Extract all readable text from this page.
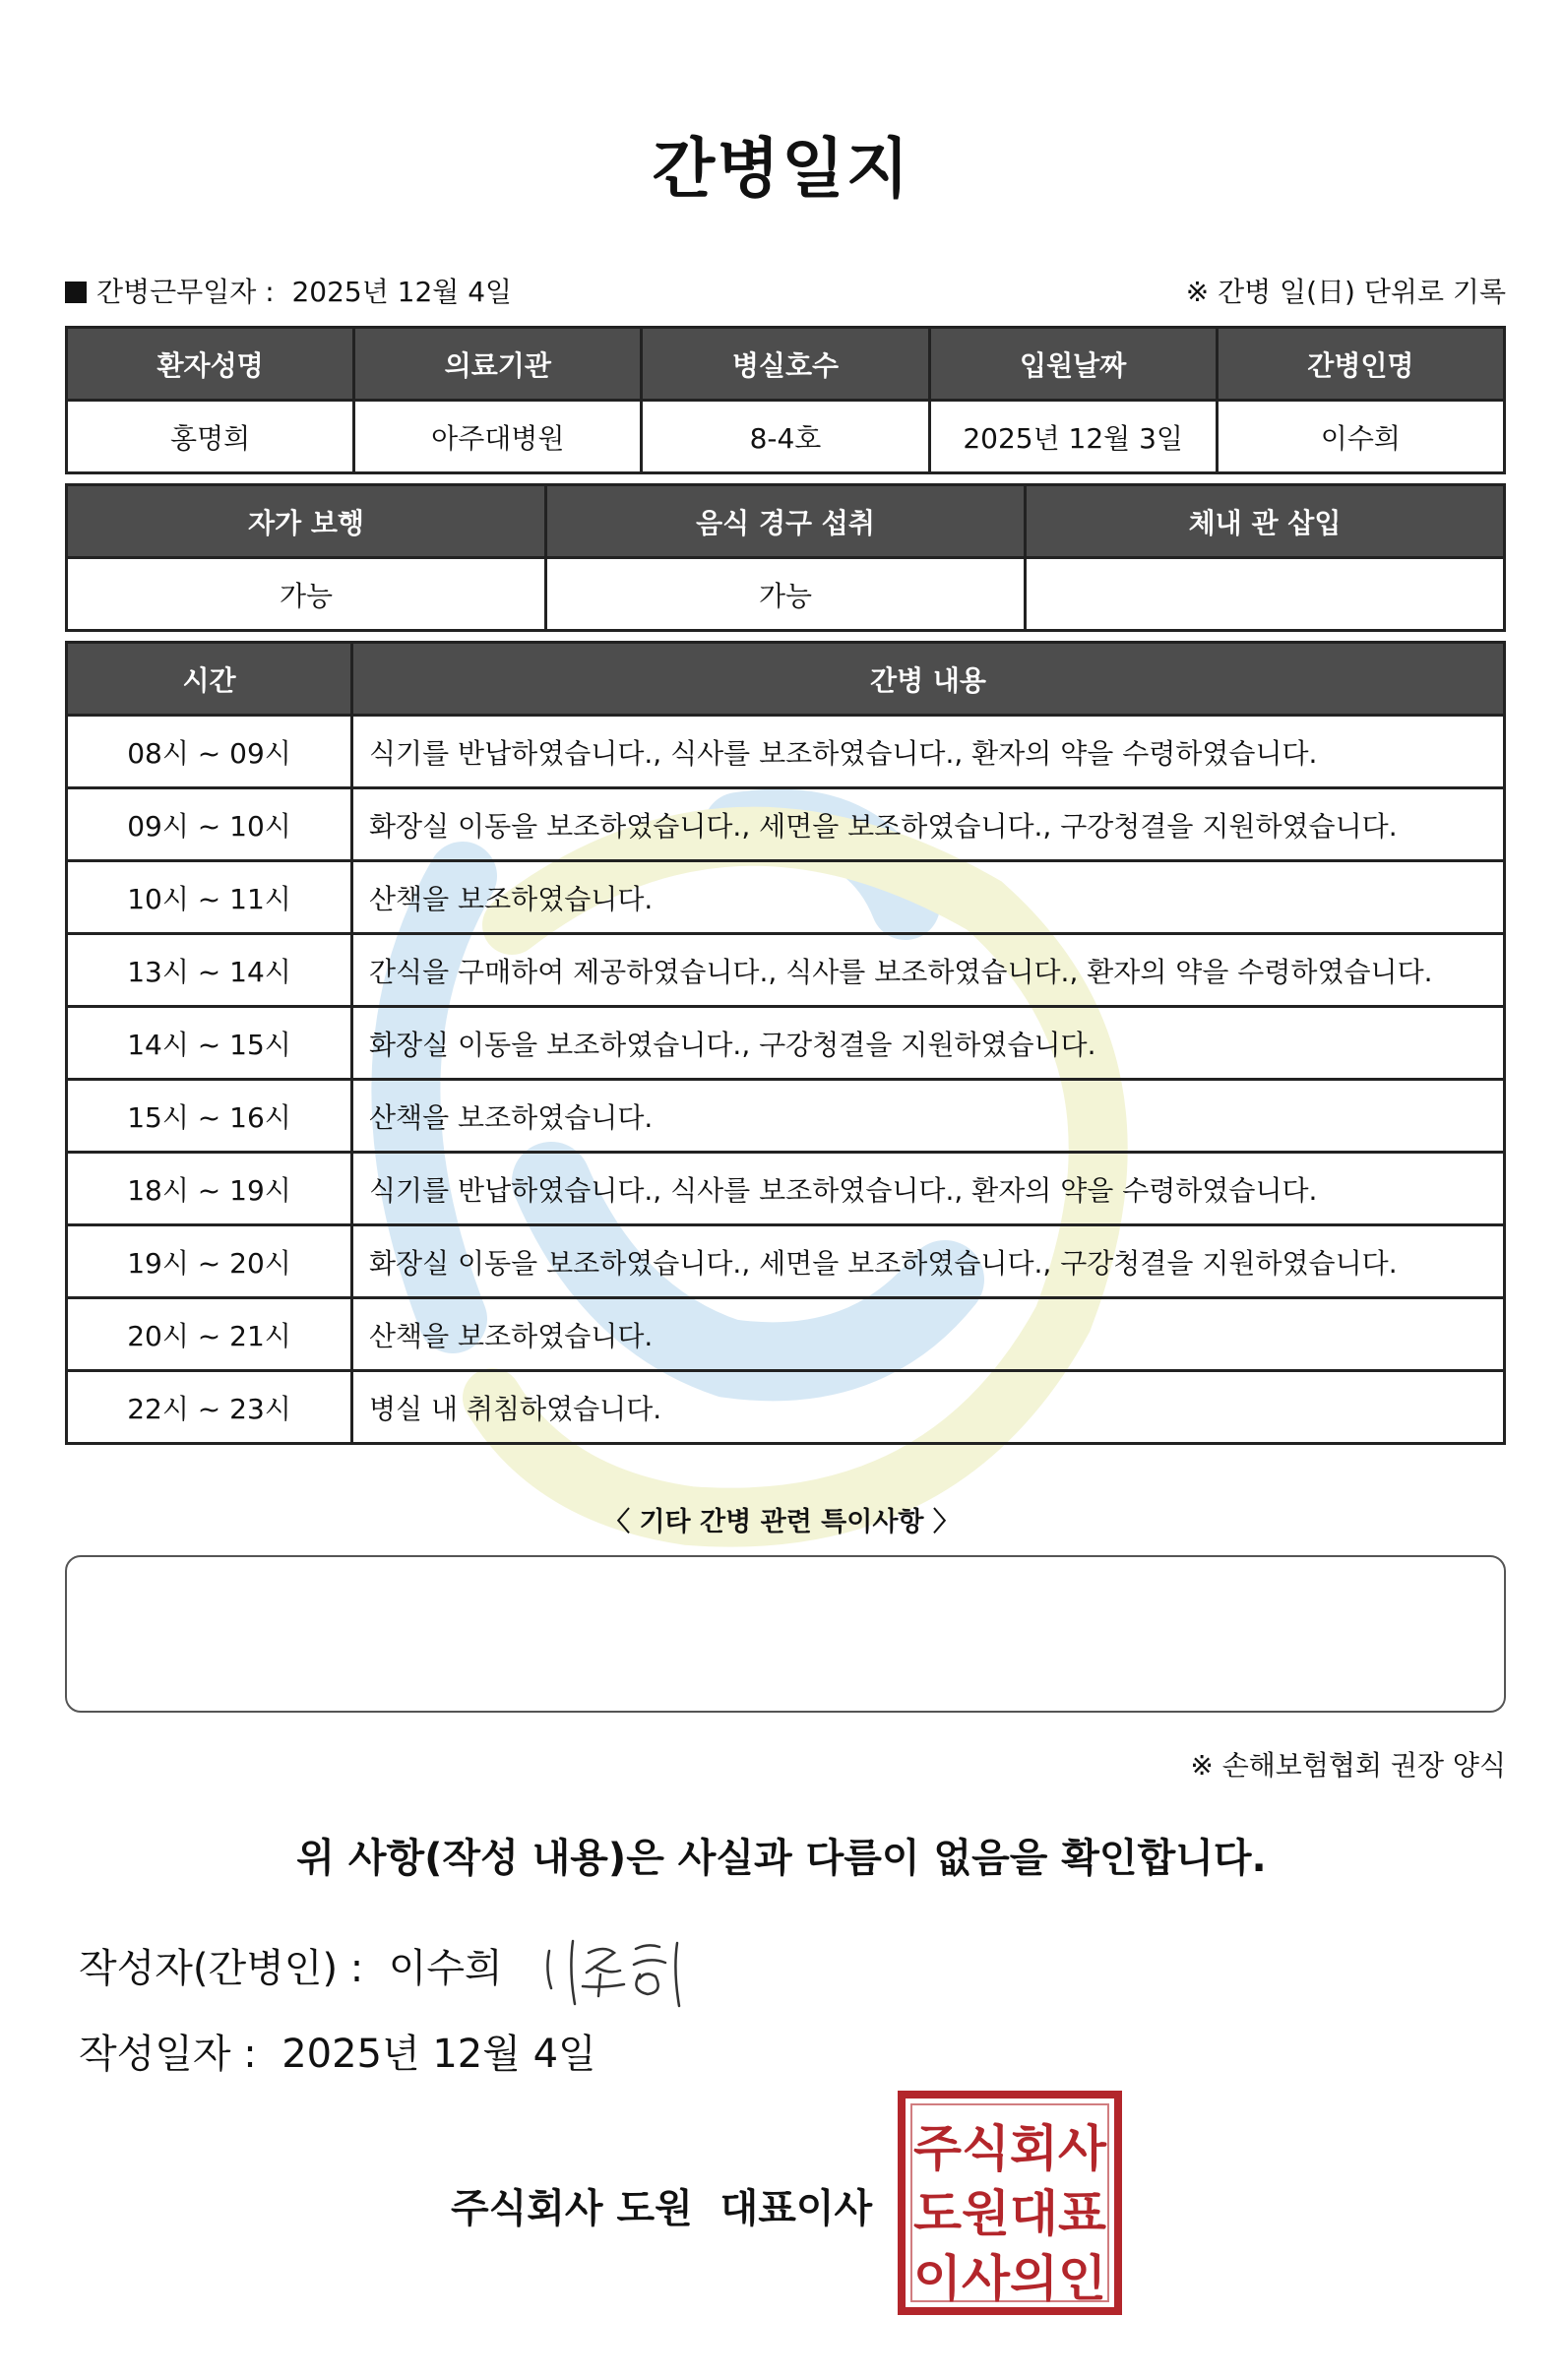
간병일지
간병근무일자 : 2025년 12월 4일	※ 간병 일(日) 단위로 기록
환자성명	의료기관	병실호수	입원날짜	간병인명
홍명희	아주대병원	8-4호	2025년 12월 3일	이수희
자가 보행	음식 경구 섭취	체내 관 삽입
가능	가능	
시간	간병 내용
08시 ~ 09시	식기를 반납하였습니다., 식사를 보조하였습니다., 환자의 약을 수령하였습니다.
09시 ~ 10시	화장실 이동을 보조하였습니다., 세면을 보조하였습니다., 구강청결을 지원하였습니다.
10시 ~ 11시	산책을 보조하였습니다.
13시 ~ 14시	간식을 구매하여 제공하였습니다., 식사를 보조하였습니다., 환자의 약을 수령하였습니다.
14시 ~ 15시	화장실 이동을 보조하였습니다., 구강청결을 지원하였습니다.
15시 ~ 16시	산책을 보조하였습니다.
18시 ~ 19시	식기를 반납하였습니다., 식사를 보조하였습니다., 환자의 약을 수령하였습니다.
19시 ~ 20시	화장실 이동을 보조하였습니다., 세면을 보조하였습니다., 구강청결을 지원하였습니다.
20시 ~ 21시	산책을 보조하였습니다.
22시 ~ 23시	병실 내 취침하였습니다.
〈 기타 간병 관련 특이사항 〉
※ 손해보험협회 권장 양식
위 사항(작성 내용)은 사실과 다름이 없음을 확인합니다.
작성자(간병인) : 이수희
작성일자 : 2025년 12월 4일
주식회사 도원  대표이사
주식회사
도원대표
이사의인
